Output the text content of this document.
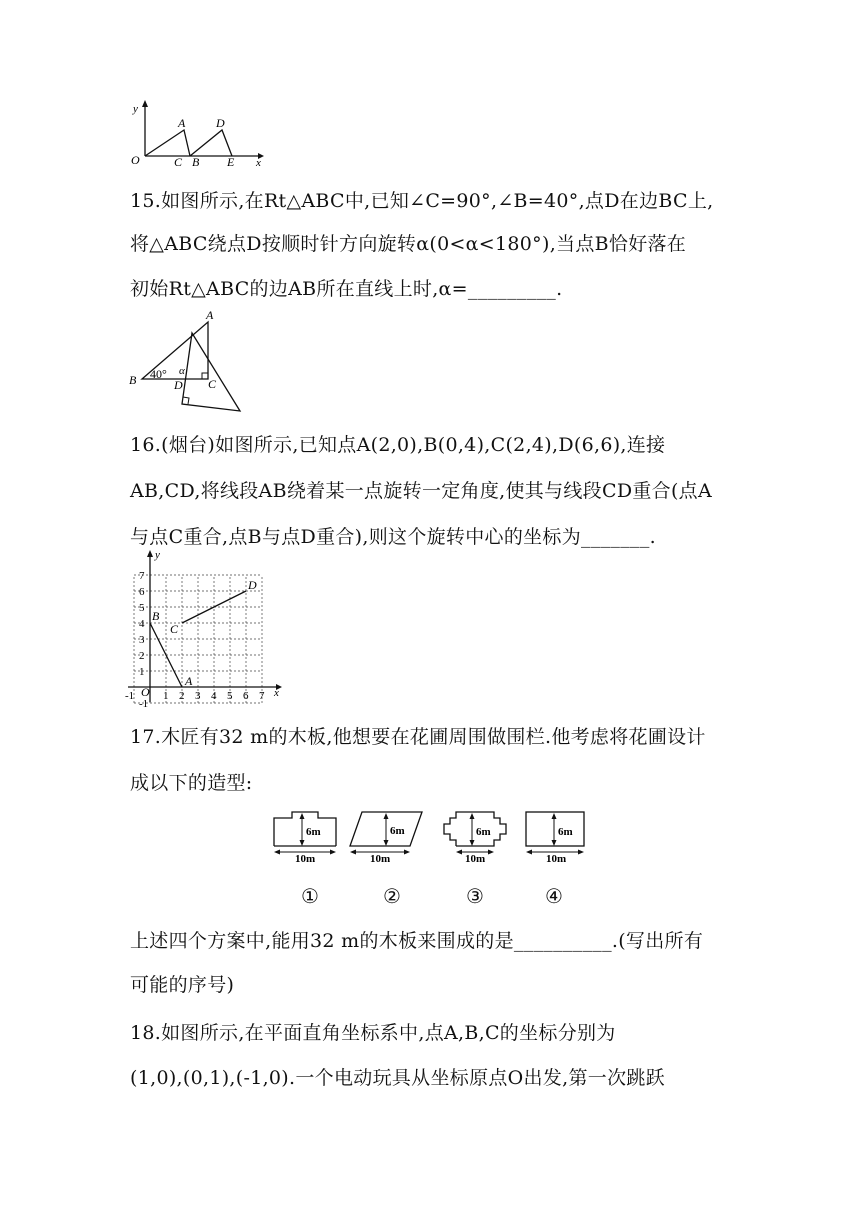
y
x
O
A
C B
D
E
15.如图所示,在Rt△ABC中,已知∠C=90°,∠B=40°,点D在边BC上,
将△ABC绕点D按顺时针方向旋转α(0<α<180°),当点B恰好落在
初始Rt△ABC的边AB所在直线上时,α=_________.
A
B	C
D
40° α
16.(烟台)如图所示,已知点A(2,0),B(0,4),C(2,4),D(6,6),连接
AB,CD,将线段AB绕着某一点旋转一定角度,使其与线段CD重合(点A
与点C重合,点B与点D重合),则这个旋转中心的坐标为_______.
-1	1 2 3 4 5 6 7
1
2
3
4
5
6
7
-1
y
x
O
A
B
C
D
17.木匠有32 m的木板,他想要在花圃周围做围栏.他考虑将花圃设计
成以下的造型:
6m
10m
6m
10m
6m
10m
6m
10m
①	②	③	④
上述四个方案中,能用32 m的木板来围成的是__________.(写出所有
可能的序号)
18.如图所示,在平面直角坐标系中,点A,B,C的坐标分别为
(1,0),(0,1),(-1,0).一个电动玩具从坐标原点O出发,第一次跳跃
